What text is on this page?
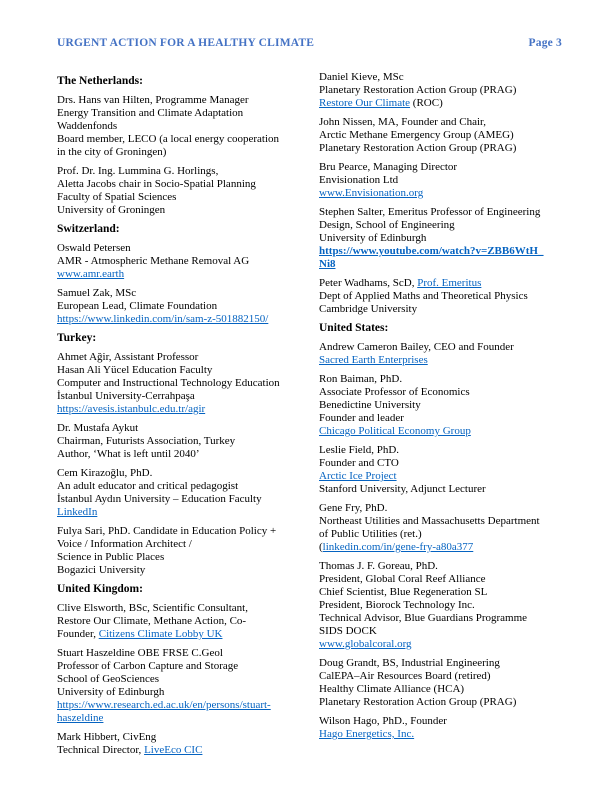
URGENT ACTION FOR A HEALTHY CLIMATE	Page 3
The Netherlands:

Drs. Hans van Hilten, Programme Manager
Energy Transition and Climate Adaptation
Waddenfonds
Board member, LECO (a local energy cooperation
in the city of Groningen)

Prof. Dr. Ing. Lummina G. Horlings,
Aletta Jacobs chair in Socio-Spatial Planning
Faculty of Spatial Sciences
University of Groningen

Switzerland:

Oswald Petersen
AMR - Atmospheric Methane Removal AG
www.amr.earth

Samuel Zak, MSc
European Lead, Climate Foundation
https://www.linkedin.com/in/sam-z-501882150/

Turkey:

Ahmet Ağir, Assistant Professor
Hasan Ali Yücel Education Faculty
Computer and Instructional Technology Education
İstanbul University-Cerrahpaşa
https://avesis.istanbulc.edu.tr/agir

Dr. Mustafa Aykut
Chairman, Futurists Association, Turkey
Author, ‘What is left until 2040’

Cem Kirazoğlu, PhD.
An adult educator and critical pedagogist
İstanbul Aydın University – Education Faculty
LinkedIn

Fulya Sari, PhD. Candidate in Education Policy +
Voice / Information Architect /
Science in Public Places
Bogazici University

United Kingdom:

Clive Elsworth, BSc, Scientific Consultant,
Restore Our Climate, Methane Action, Co-
Founder, Citizens Climate Lobby UK

Stuart Haszeldine OBE FRSE C.Geol
Professor of Carbon Capture and Storage
School of GeoSciences
University of Edinburgh
https://www.research.ed.ac.uk/en/persons/stuart-
haszeldine

Mark Hibbert, CivEng
Technical Director, LiveEco CIC

Daniel Kieve, MSc
Planetary Restoration Action Group (PRAG)
Restore Our Climate (ROC)

John Nissen, MA, Founder and Chair,
Arctic Methane Emergency Group (AMEG)
Planetary Restoration Action Group (PRAG)

Bru Pearce, Managing Director
Envisionation Ltd
www.Envisionation.org

Stephen Salter, Emeritus Professor of Engineering
Design, School of Engineering
University of Edinburgh
https://www.youtube.com/watch?v=ZBB6WtH_
Ni8

Peter Wadhams, ScD, Prof. Emeritus
Dept of Applied Maths and Theoretical Physics
Cambridge University

United States:

Andrew Cameron Bailey, CEO and Founder
Sacred Earth Enterprises

Ron Baiman, PhD.
Associate Professor of Economics
Benedictine University
Founder and leader
Chicago Political Economy Group

Leslie Field, PhD.
Founder and CTO
Arctic Ice Project
Stanford University, Adjunct Lecturer

Gene Fry, PhD.
Northeast Utilities and Massachusetts Department
of Public Utilities (ret.)
(linkedin.com/in/gene-fry-a80a377

Thomas J. F. Goreau, PhD.
President, Global Coral Reef Alliance
Chief Scientist, Blue Regeneration SL
President, Biorock Technology Inc.
Technical Advisor, Blue Guardians Programme
SIDS DOCK
www.globalcoral.org

Doug Grandt, BS, Industrial Engineering
CalEPA–Air Resources Board (retired)
Healthy Climate Alliance (HCA)
Planetary Restoration Action Group (PRAG)

Wilson Hago, PhD., Founder
Hago Energetics, Inc.
